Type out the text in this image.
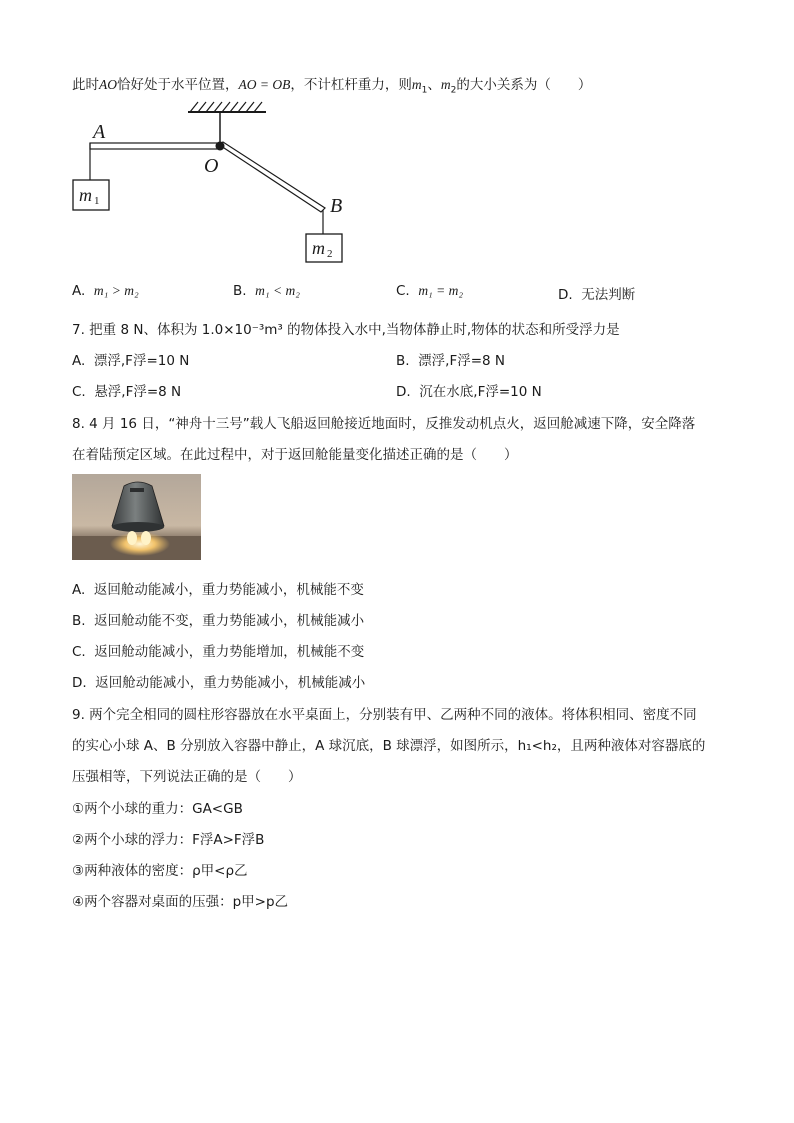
此时AO恰好处于水平位置，AO = OB，不计杠杆重力，则$m_1$、$m_2$的大小关系为（　　）
A
O
B
m 1
m 2
A. m₁ > m₂	B. m₁ < m₂	C. m₁ = m₂	D. 无法判断
7. 把重 8 N、体积为 1.0×10⁻³m³ 的物体投入水中,当物体静止时,物体的状态和所受浮力是
A. 漂浮,F浮=10 N	B. 漂浮,F浮=8 N
C. 悬浮,F浮=8 N	D. 沉在水底,F浮=10 N
8. 4 月 16 日，“神舟十三号”载人飞船返回舱接近地面时，反推发动机点火，返回舱减速下降，安全降落
在着陆预定区域。在此过程中，对于返回舱能量变化描述正确的是（　　）
A. 返回舱动能减小，重力势能减小，机械能不变
B. 返回舱动能不变，重力势能减小，机械能减小
C. 返回舱动能减小，重力势能增加，机械能不变
D. 返回舱动能减小，重力势能减小，机械能减小
9. 两个完全相同的圆柱形容器放在水平桌面上，分别装有甲、乙两种不同的液体。将体积相同、密度不同
的实心小球 A、B 分别放入容器中静止，A 球沉底，B 球漂浮，如图所示，h₁<h₂，且两种液体对容器底的
压强相等，下列说法正确的是（　　）
①两个小球的重力：GA<GB
②两个小球的浮力：F浮A>F浮B
③两种液体的密度：ρ甲<ρ乙
④两个容器对桌面的压强：p甲>p乙
